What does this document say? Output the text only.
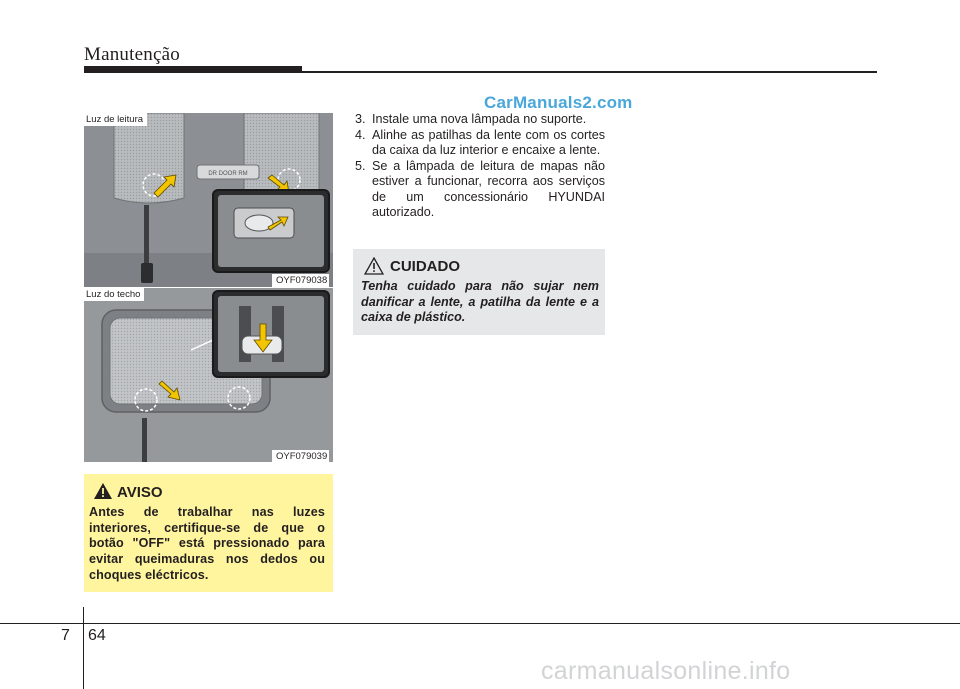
Manutenção
CarManuals2.com
DR DOOR RM
Luz de leitura
OYF079038
Luz do techo
OYF079039
3. Instale uma nova lâmpada no suporte.
4. Alinhe as patilhas da lente com os cortes da caixa da luz interior e encaixe a lente.
5. Se a lâmpada de leitura de mapas não estiver a funcionar, recorra aos serviços de um concessionário HYUNDAI autorizado.
CUIDADO
Tenha cuidado para não sujar nem danificar a lente, a patilha da lente e a caixa de plástico.
AVISO
Antes de trabalhar nas luzes interiores, certifique-se de que o botão "OFF" está pressionado para evitar queimaduras nos dedos ou choques eléctricos.
7 64
carmanualsonline.info
